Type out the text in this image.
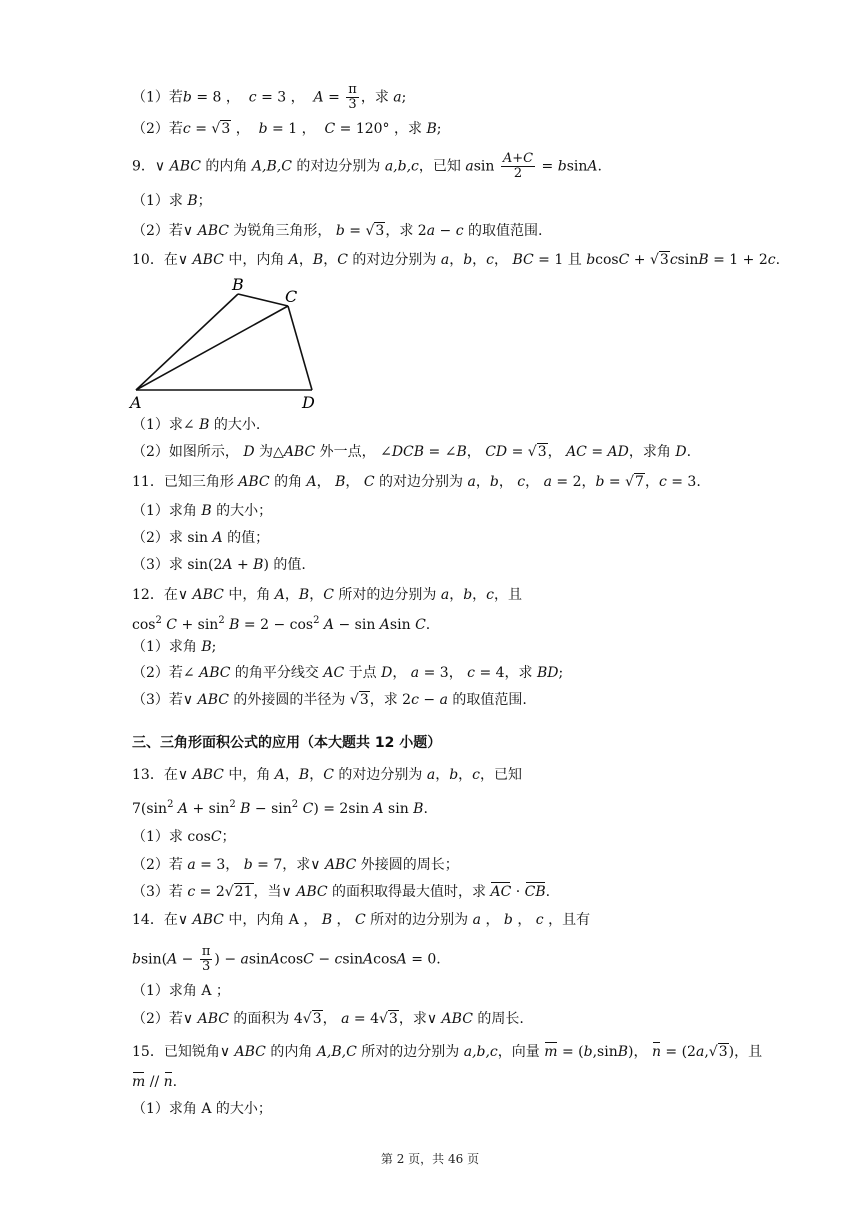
（1）若b = 8 ，  c = 3 ，  $A = \frac{\pi}{3}$ ，求 a;
（2）若c = √3 ，  b = 1 ，  C = 120° ，求 B;
9．∨ ABC 的内角 A,B,C 的对边分别为 a,b,c，已知 asin $\frac{A+C}{2} = bsinA$.
（1）求 B；
（2）若∨ ABC 为锐角三角形， b = √3，求 2a − c 的取值范围.
10．在∨ ABC 中，内角 A，B，C 的对边分别为 a，b，c， BC = 1 且 bcosC + √3csinB = 1 + 2c.
A
B
C
D
（1）求∠ B 的大小.
（2）如图所示， D 为△ABC 外一点， ∠DCB = ∠B， CD = √3， AC = AD，求角 D.
11．已知三角形 ABC 的角 A， B， C 的对边分别为 a，b， c， a = 2，b = √7，c = 3.
（1）求角 B 的大小；
（2）求 sin A 的值；
（3）求 sin(2A + B) 的值.
12．在∨ ABC 中，角 A，B，C 所对的边分别为 a，b，c，且
$\cos^2 C + \sin^2 B = 2 - \cos^2 A - \sin Asin$ C.
（1）求角 B;
（2）若∠ ABC 的角平分线交 AC 于点 D， a = 3， c = 4，求 BD;
（3）若∨ ABC 的外接圆的半径为 √3，求 2c − a 的取值范围.
三、三角形面积公式的应用（本大题共 12 小题）
13．在∨ ABC 中，角 A，B，C 的对边分别为 a，b，c，已知
$7(\sin^2$ $A + \sin^2 B - \sin^2 C) = 2\sin$ A sin B.
（1）求 cosC；
（2）若 a = 3， b = 7，求∨ ABC 外接圆的周长；
（3）若 c = 2√21，当∨ ABC 的面积取得最大值时，求 AC · CB.
14．在∨ ABC 中，内角 A ， B ， C 所对的边分别为 a ， b ， c ，且有
$bsin(A - \frac{\pi}{3}$ ) − asinAcosC − csinAcosA = 0.
（1）求角 A ；
（2）若∨ ABC 的面积为 4√3， a = 4√3，求∨ ABC 的周长.
15．已知锐角∨ ABC 的内角 A,B,C 所对的边分别为 a,b,c，向量 m = (b,sinB)， n = (2a,√3)，且
m // n.
（1）求角 A 的大小；
第 2 页，共 46 页
